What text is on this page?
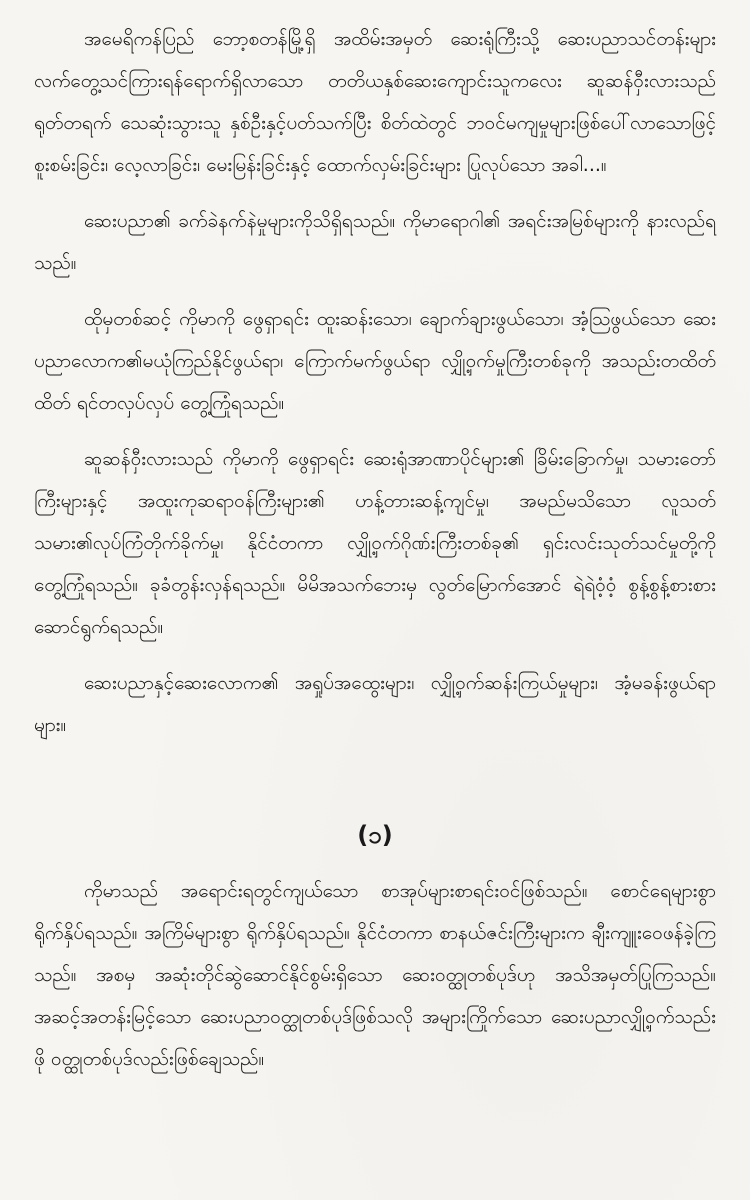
အမေရိကန်ပြည် ဘော့စတန်မြို့ရှိ အထိမ်းအမှတ် ဆေးရုံကြီးသို့ ဆေးပညာသင်တန်းများ လက်တွေ့သင်ကြားရန်ရောက်ရှိလာသော တတိယနှစ်ဆေးကျောင်းသူကလေး ဆူဆန်ဝှီးလားသည် ရုတ်တရက် သေဆုံးသွားသူ နှစ်ဦးနှင့်ပတ်သက်ပြီး စိတ်ထဲတွင် ဘဝင်မကျမှုများဖြစ်ပေါ်လာသောဖြင့် စူးစမ်းခြင်း၊ လေ့လာခြင်း၊ မေးမြန်းခြင်းနှင့် ထောက်လှမ်းခြင်းများ ပြုလုပ်သော အခါ...။

ဆေးပညာ၏ ခက်ခဲနက်နဲမှုများကိုသိရှိရသည်။ ကိုမာရောဂါ၏ အရင်းအမြစ်များကို နားလည်ရသည်။

ထိုမှတစ်ဆင့် ကိုမာကို ဖွေရှာရင်း ထူးဆန်းသော၊ ချောက်ချားဖွယ်သော၊ အံ့သြဖွယ်သော ဆေးပညာလောက၏မယုံကြည်နိုင်ဖွယ်ရာ၊ ကြောက်မက်ဖွယ်ရာ လျှို့ဝှက်မှုကြီးတစ်ခုကို အသည်းတထိတ်ထိတ် ရင်တလှပ်လှပ် တွေ့ကြုံရသည်။

ဆူဆန်ဝှီးလားသည် ကိုမာကို ဖွေရှာရင်း ဆေးရုံအာဏာပိုင်များ၏ ခြိမ်းခြောက်မှု၊ သမားတော်ကြီးများနှင့် အထူးကုဆရာဝန်ကြီးများ၏ ဟန့်တားဆန့်ကျင်မှု၊ အမည်မသိသော လူသတ်သမား၏လုပ်ကြံတိုက်ခိုက်မှု၊ နိုင်ငံတကာ လျှို့ဝှက်ဂိုဏ်းကြီးတစ်ခု၏ ရှင်းလင်းသုတ်သင်မှုတို့ကို တွေ့ကြုံရသည်။ ခုခံတွန်းလှန်ရသည်။ မိမိအသက်ဘေးမှ လွတ်မြောက်အောင် ရဲရဲဝံ့ဝံ့ စွန့်စွန့်စားစားဆောင်ရွက်ရသည်။

ဆေးပညာနှင့်ဆေးလောက၏ အရှုပ်အထွေးများ၊ လျှို့ဝှက်ဆန်းကြယ်မှုများ၊ အံ့မခန်းဖွယ်ရာများ။

(၁)

ကိုမာသည် အရောင်းရတွင်ကျယ်သော စာအုပ်များစာရင်းဝင်ဖြစ်သည်။ စောင်ရေများစွာ ရိုက်နှိပ်ရသည်။ အကြိမ်များစွာ ရိုက်နှိပ်ရသည်။ နိုင်ငံတကာ စာနယ်ဇင်းကြီးများက ချီးကျူးဝေဖန်ခဲ့ကြသည်။ အစမှ အဆုံးတိုင်ဆွဲဆောင်နိုင်စွမ်းရှိသော ဆေးဝတ္ထုတစ်ပုဒ်ဟု အသိအမှတ်ပြုကြသည်။ အဆင့်အတန်းမြင့်သော ဆေးပညာဝတ္ထုတစ်ပုဒ်ဖြစ်သလို အများကြိုက်သော ဆေးပညာလျှို့ဝှက်သည်းဖို ဝတ္ထုတစ်ပုဒ်လည်းဖြစ်ချေသည်။
